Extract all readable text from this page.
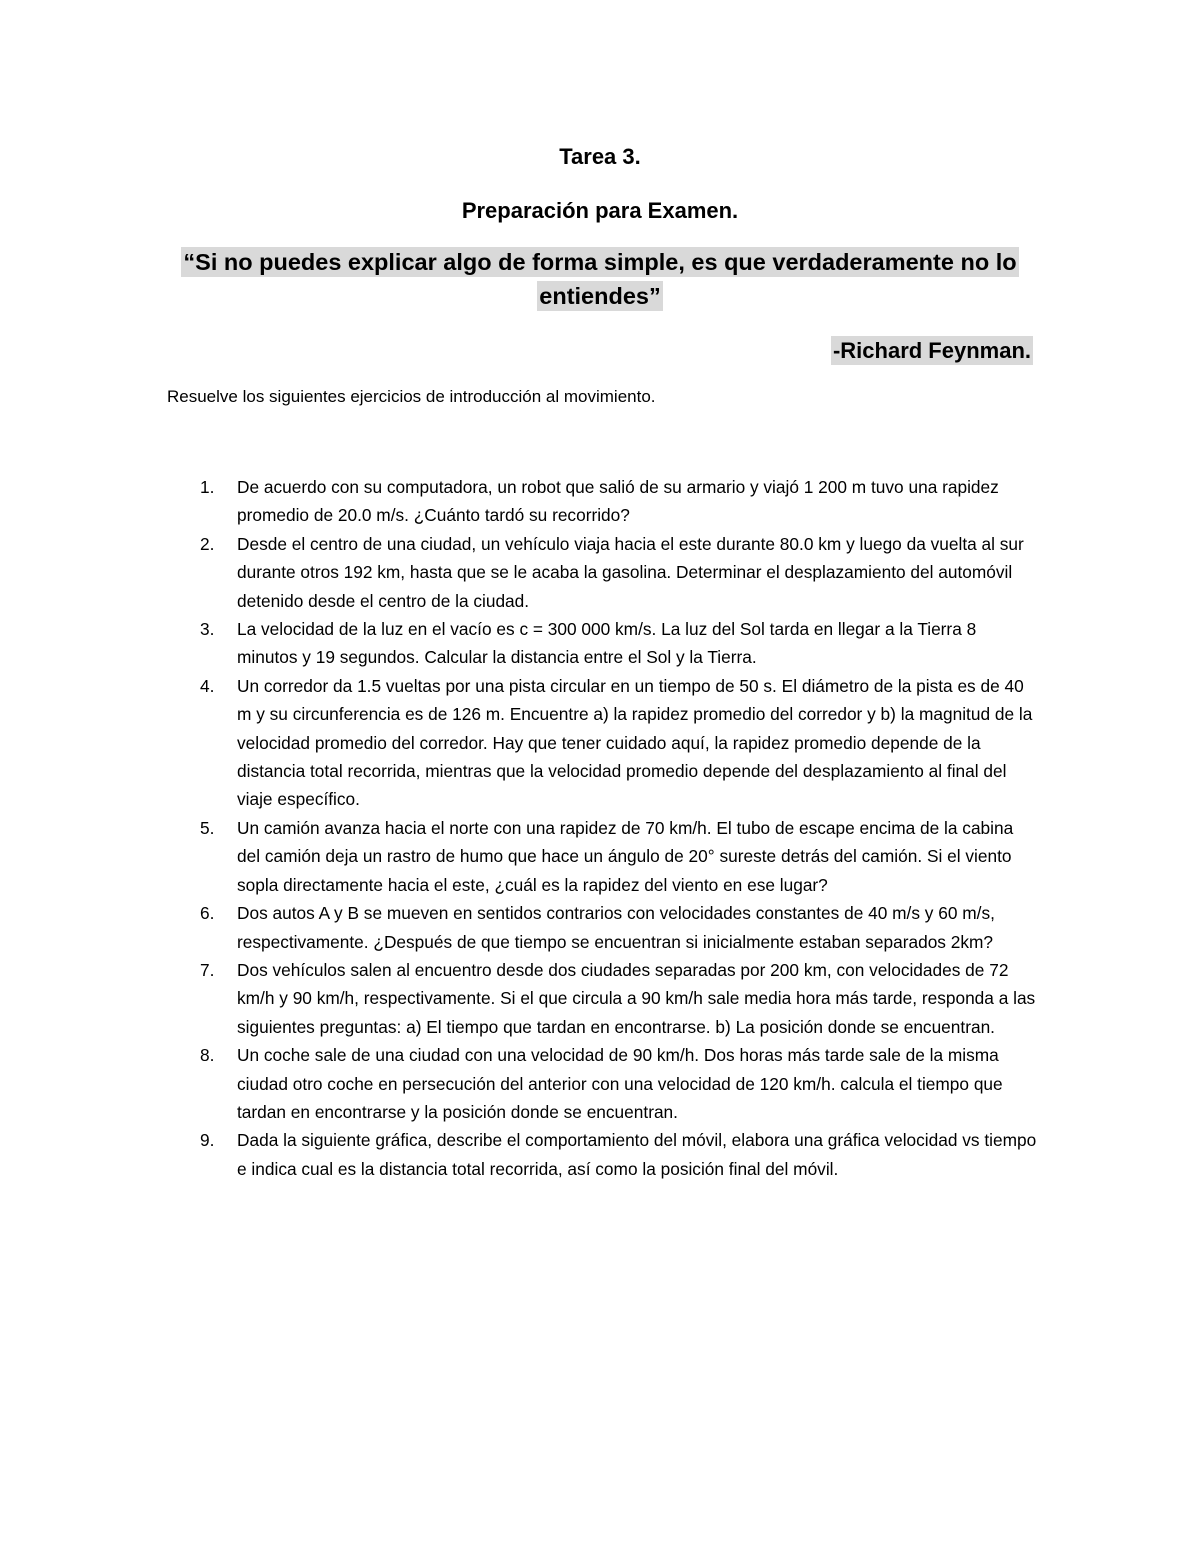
Tarea 3.
Preparación para Examen.
“Si no puedes explicar algo de forma simple, es que verdaderamente no lo entiendes”
-Richard Feynman.
Resuelve los siguientes ejercicios de introducción al movimiento.
1.	De acuerdo con su computadora, un robot que salió de su armario y viajó 1 200 m tuvo una rapidez promedio de 20.0 m/s. ¿Cuánto tardó su recorrido?
2.	Desde el centro de una ciudad, un vehículo viaja hacia el este durante 80.0 km y luego da vuelta al sur durante otros 192 km, hasta que se le acaba la gasolina. Determinar el desplazamiento del automóvil detenido desde el centro de la ciudad.
3.	La velocidad de la luz en el vacío es c = 300 000 km/s. La luz del Sol tarda en llegar a la Tierra 8 minutos y 19 segundos. Calcular la distancia entre el Sol y la Tierra.
4.	Un corredor da 1.5 vueltas por una pista circular en un tiempo de 50 s. El diámetro de la pista es de 40 m y su circunferencia es de 126 m. Encuentre a) la rapidez promedio del corredor y b) la magnitud de la velocidad promedio del corredor. Hay que tener cuidado aquí, la rapidez promedio depende de la distancia total recorrida, mientras que la velocidad promedio depende del desplazamiento al final del viaje específico.
5.	Un camión avanza hacia el norte con una rapidez de 70 km/h. El tubo de escape encima de la cabina del camión deja un rastro de humo que hace un ángulo de 20° sureste detrás del camión. Si el viento sopla directamente hacia el este, ¿cuál es la rapidez del viento en ese lugar?
6.	Dos autos A y B se mueven en sentidos contrarios con velocidades constantes de 40 m/s y 60 m/s, respectivamente. ¿Después de que tiempo se encuentran si inicialmente estaban separados 2km?
7.	Dos vehículos salen al encuentro desde dos ciudades separadas por 200 km, con velocidades de 72 km/h y 90 km/h, respectivamente. Si el que circula a 90 km/h sale media hora más tarde, responda a las siguientes preguntas: a) El tiempo que tardan en encontrarse. b) La posición donde se encuentran.
8.	Un coche sale de una ciudad con una velocidad de 90 km/h. Dos horas más tarde sale de la misma ciudad otro coche en persecución del anterior con una velocidad de 120 km/h. calcula el tiempo que tardan en encontrarse y la posición donde se encuentran.
9.	Dada la siguiente gráfica, describe el comportamiento del móvil, elabora una gráfica velocidad vs tiempo e indica cual es la distancia total recorrida, así como la posición final del móvil.
